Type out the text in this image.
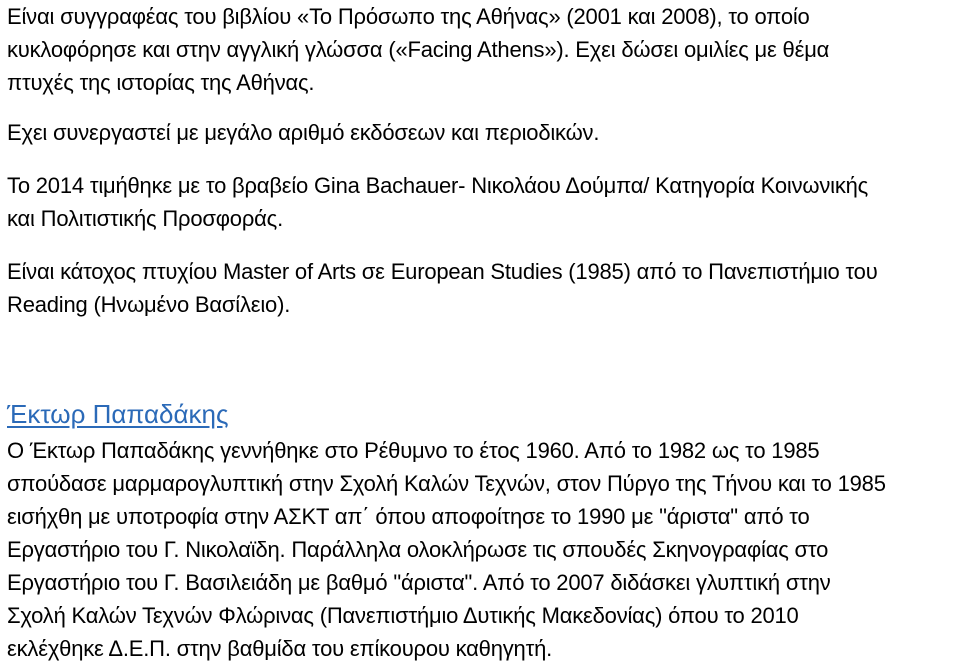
Είναι συγγραφέας του βιβλίου «Το Πρόσωπο της Αθήνας» (2001 και 2008), το οποίο
κυκλοφόρησε και στην αγγλική γλώσσα («Facing Athens»). Εχει δώσει ομιλίες με θέμα
πτυχές της ιστορίας της Αθήνας.

Εχει συνεργαστεί με μεγάλο αριθμό εκδόσεων και περιοδικών.

Το 2014 τιμήθηκε με το βραβείο Gina Bachauer- Νικολάου Δούμπα/ Κατηγορία Κοινωνικής
και Πολιτιστικής Προσφοράς.

Είναι κάτοχος πτυχίου Master of Arts σε European Studies (1985) από το Πανεπιστήμιο του
Reading (Ηνωμένο Βασίλειο).

Έκτωρ Παπαδάκης

Ο Έκτωρ Παπαδάκης γεννήθηκε στο Ρέθυμνο το έτος 1960. Από το 1982 ως το 1985
σπούδασε μαρμαρογλυπτική στην Σχολή Καλών Τεχνών, στον Πύργο της Τήνου και το 1985
εισήχθη με υποτροφία στην ΑΣΚΤ απ΄ όπου αποφοίτησε το 1990 με "άριστα" από το
Εργαστήριο του Γ. Νικολαϊδη. Παράλληλα ολοκλήρωσε τις σπουδές Σκηνογραφίας στο
Εργαστήριο του Γ. Βασιλειάδη με βαθμό "άριστα". Από το 2007 διδάσκει γλυπτική στην
Σχολή Καλών Τεχνών Φλώρινας (Πανεπιστήμιο Δυτικής Μακεδονίας) όπου το 2010
εκλέχθηκε Δ.Ε.Π. στην βαθμίδα του επίκουρου καθηγητή.
